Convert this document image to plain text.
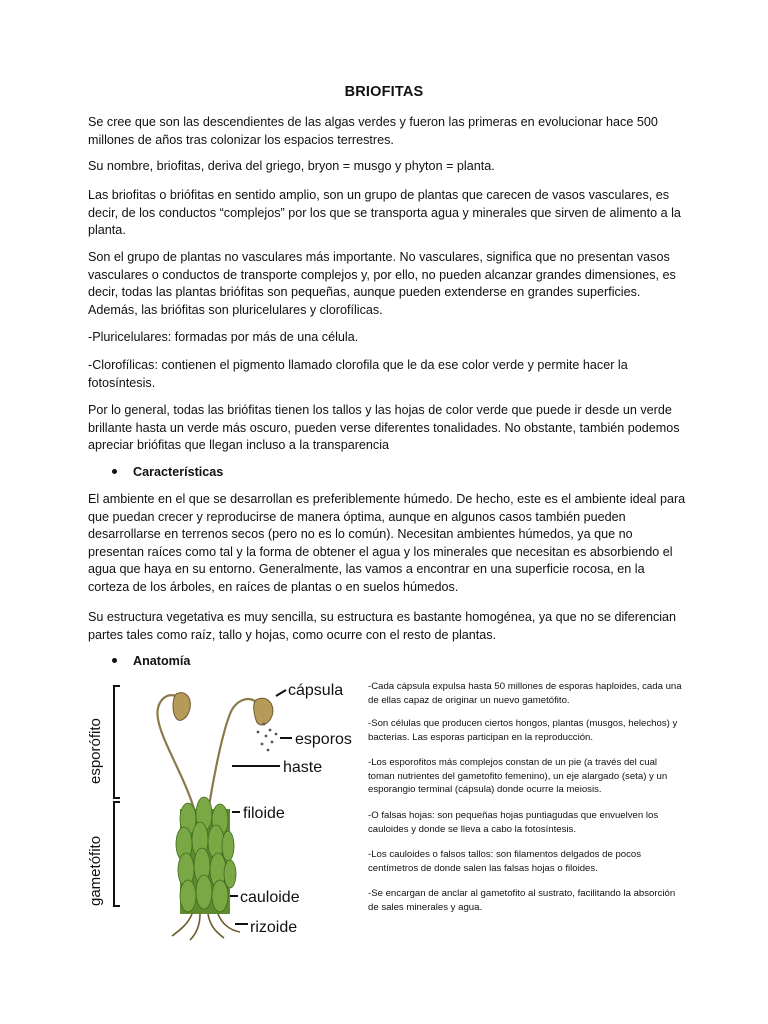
BRIOFITAS

Se cree que son las descendientes de las algas verdes y fueron las primeras en evolucionar hace 500 millones de años tras colonizar los espacios terrestres.

Su nombre, briofitas, deriva del griego, bryon = musgo y phyton = planta.

Las briofitas o briófitas en sentido amplio, son un grupo de plantas que carecen de vasos vasculares, es decir, de los conductos “complejos” por los que se transporta agua y minerales que sirven de alimento a la planta.

Son el grupo de plantas no vasculares más importante. No vasculares, significa que no presentan vasos vasculares o conductos de transporte complejos y, por ello, no pueden alcanzar grandes dimensiones, es decir, todas las plantas briófitas son pequeñas, aunque pueden extenderse en grandes superficies. Además, las briófitas son pluricelulares y clorofílicas.

-Pluricelulares: formadas por más de una célula.

-Clorofílicas: contienen el pigmento llamado clorofila que le da ese color verde y permite hacer la fotosíntesis.

Por lo general, todas las briófitas tienen los tallos y las hojas de color verde que puede ir desde un verde brillante hasta un verde más oscuro, pueden verse diferentes tonalidades. No obstante, también podemos apreciar briófitas que llegan incluso a la transparencia

Características

El ambiente en el que se desarrollan es preferiblemente húmedo. De hecho, este es el ambiente ideal para que puedan crecer y reproducirse de manera óptima, aunque en algunos casos también pueden desarrollarse en terrenos secos (pero no es lo común). Necesitan ambientes húmedos, ya que no presentan raíces como tal y la forma de obtener el agua y los minerales que necesitan es absorbiendo el agua que haya en su entorno. Generalmente, las vamos a encontrar en una superficie rocosa, en la corteza de los árboles, en raíces de plantas o en suelos húmedos.

Su estructura vegetativa es muy sencilla, su estructura es bastante homogénea, ya que no se diferencian partes tales como raíz, tallo y hojas, como ocurre con el resto de plantas.

Anatomía
esporófito
gametófito
cápsula
esporos
haste
filoide
cauloide
rizoide

-Cada cápsula expulsa hasta 50 millones de esporas haploides, cada una de ellas capaz de originar un nuevo gametófito.

-Son células que producen ciertos hongos, plantas (musgos, helechos) y bacterias. Las esporas participan en la reproducción.

-Los esporofitos más complejos constan de un pie (a través del cual toman nutrientes del gametofito femenino), un eje alargado (seta) y un esporangio terminal (cápsula) donde ocurre la meiosis.

-O falsas hojas: son pequeñas hojas puntiagudas que envuelven los cauloides y donde se lleva a cabo la fotosíntesis.

-Los cauloides o falsos tallos: son filamentos delgados de pocos centímetros de donde salen las falsas hojas o filoides.

-Se encargan de anclar al gametofito al sustrato, facilitando la absorción de sales minerales y agua.
